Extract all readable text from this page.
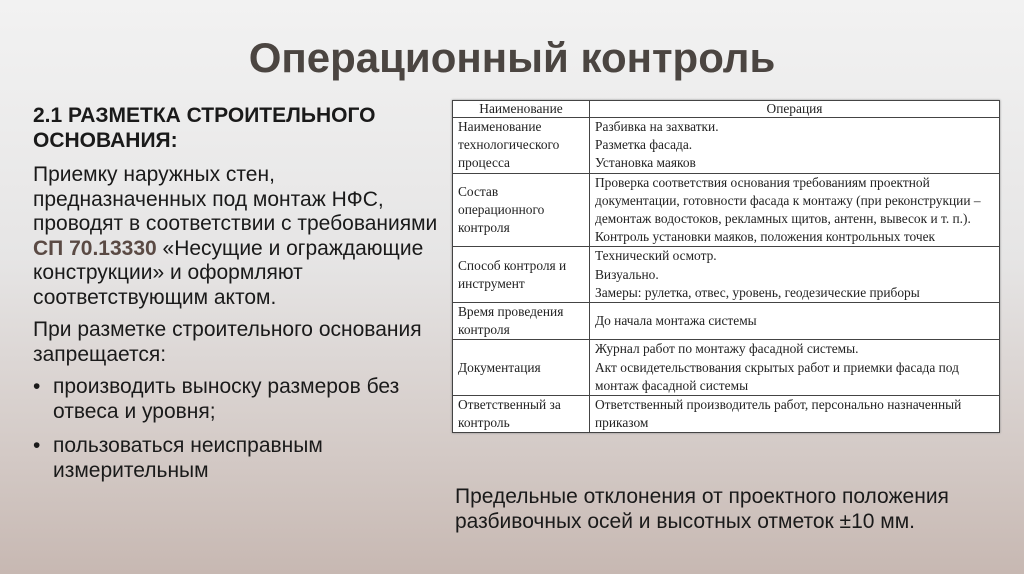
Операционный контроль
2.1 РАЗМЕТКА СТРОИТЕЛЬНОГО ОСНОВАНИЯ:

Приемку наружных стен, предназначенных под монтаж НФС, проводят в соответствии с требованиями СП 70.13330 «Несущие и ограждающие конструкции» и оформляют соответствующим актом.

При разметке строительного основания запрещается:

• производить выноску размеров без отвеса и уровня;
• пользоваться неисправным измерительным
Наименование	Операция
Наименование технологического процесса	Разбивка на захватки.
Разметка фасада.
Установка маяков

Состав операционного контроля	Проверка соответствия основания требованиям проектной документации, готовности фасада к монтажу (при реконструкции – демонтаж водостоков, рекламных щитов, антенн, вывесок и т. п.).
Контроль установки маяков, положения контрольных точек

Способ контроля и инструмент	Технический осмотр.
Визуально.
Замеры: рулетка, отвес, уровень, геодезические приборы

Время проведения контроля	До начала монтажа системы

Документация	Журнал работ по монтажу фасадной системы.
Акт освидетельствования скрытых работ и приемки фасада под монтаж фасадной системы

Ответственный за контроль	Ответственный производитель работ, персонально назначенный приказом
Предельные отклонения от проектного положения разбивочных осей и высотных отметок ±10 мм.
